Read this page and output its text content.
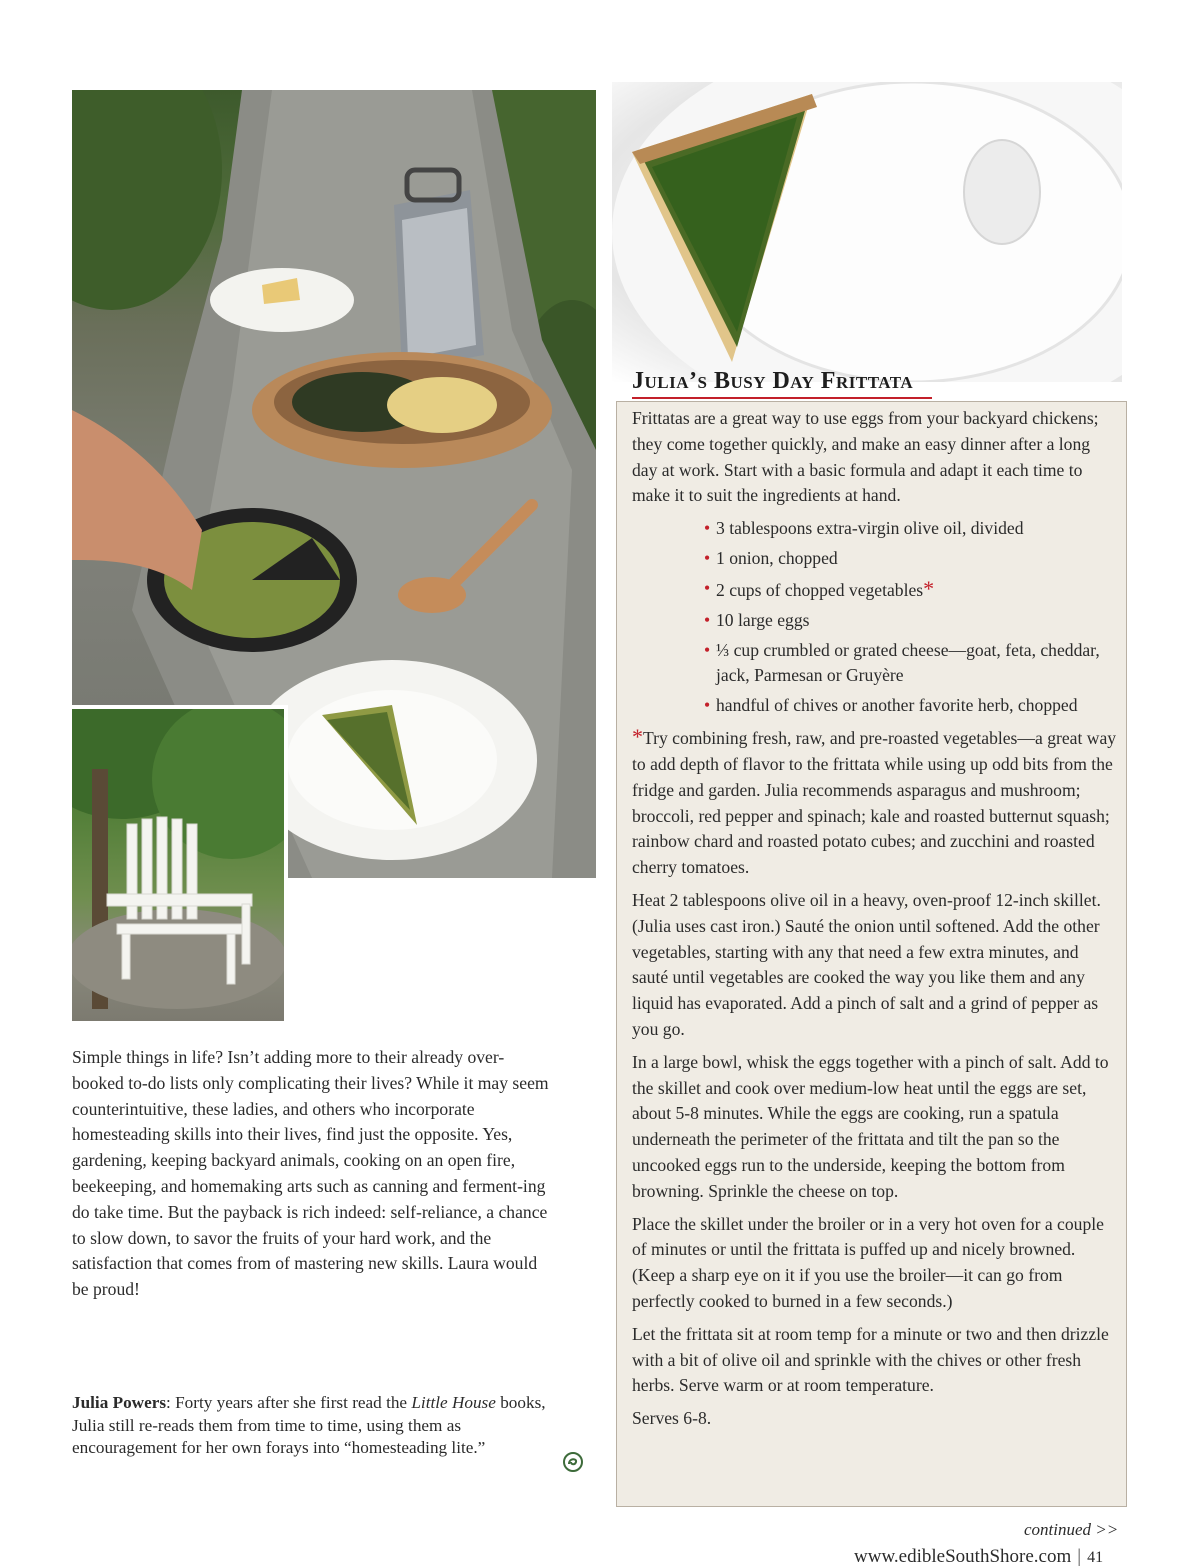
Julia’s Busy Day Frittata

Frittatas are a great way to use eggs from your backyard chickens; they come together quickly, and make an easy dinner after a long day at work. Start with a basic formula and adapt it each time to make it to suit the ingredients at hand.

• 3 tablespoons extra-virgin olive oil, divided
• 1 onion, chopped
• 2 cups of chopped vegetables*
• 10 large eggs
• ⅓ cup crumbled or grated cheese—goat, feta, cheddar, jack, Parmesan or Gruyère
• handful of chives or another favorite herb, chopped

*Try combining fresh, raw, and pre-roasted vegetables—a great way to add depth of flavor to the frittata while using up odd bits from the fridge and garden. Julia recommends asparagus and mushroom; broccoli, red pepper and spinach; kale and roasted butternut squash; rainbow chard and roasted potato cubes; and zucchini and roasted cherry tomatoes.

Heat 2 tablespoons olive oil in a heavy, oven-proof 12-inch skillet. (Julia uses cast iron.) Sauté the onion until softened. Add the other vegetables, starting with any that need a few extra minutes, and sauté until vegetables are cooked the way you like them and any liquid has evaporated. Add a pinch of salt and a grind of pepper as you go.

In a large bowl, whisk the eggs together with a pinch of salt. Add to the skillet and cook over medium-low heat until the eggs are set, about 5-8 minutes. While the eggs are cooking, run a spatula underneath the perimeter of the frittata and tilt the pan so the uncooked eggs run to the underside, keeping the bottom from browning. Sprinkle the cheese on top.

Place the skillet under the broiler or in a very hot oven for a couple of minutes or until the frittata is puffed up and nicely browned. (Keep a sharp eye on it if you use the broiler—it can go from perfectly cooked to burned in a few seconds.)

Let the frittata sit at room temp for a minute or two and then drizzle with a bit of olive oil and sprinkle with the chives or other fresh herbs. Serve warm or at room temperature.

Serves 6-8.

Simple things in life? Isn’t adding more to their already over-booked to-do lists only complicating their lives? While it may seem counterintuitive, these ladies, and others who incorporate homesteading skills into their lives, find just the opposite. Yes, gardening, keeping backyard animals, cooking on an open fire, beekeeping, and homemaking arts such as canning and ferment-ing do take time. But the payback is rich indeed: self-reliance, a chance to slow down, to savor the fruits of your hard work, and the satisfaction that comes from of mastering new skills. Laura would be proud!
Julia Powers: Forty years after she first read the Little House books, Julia still re-reads them from time to time, using them as encouragement for her own forays into “homesteading lite.”
continued >>
www.edibleSouthShore.com | 41
